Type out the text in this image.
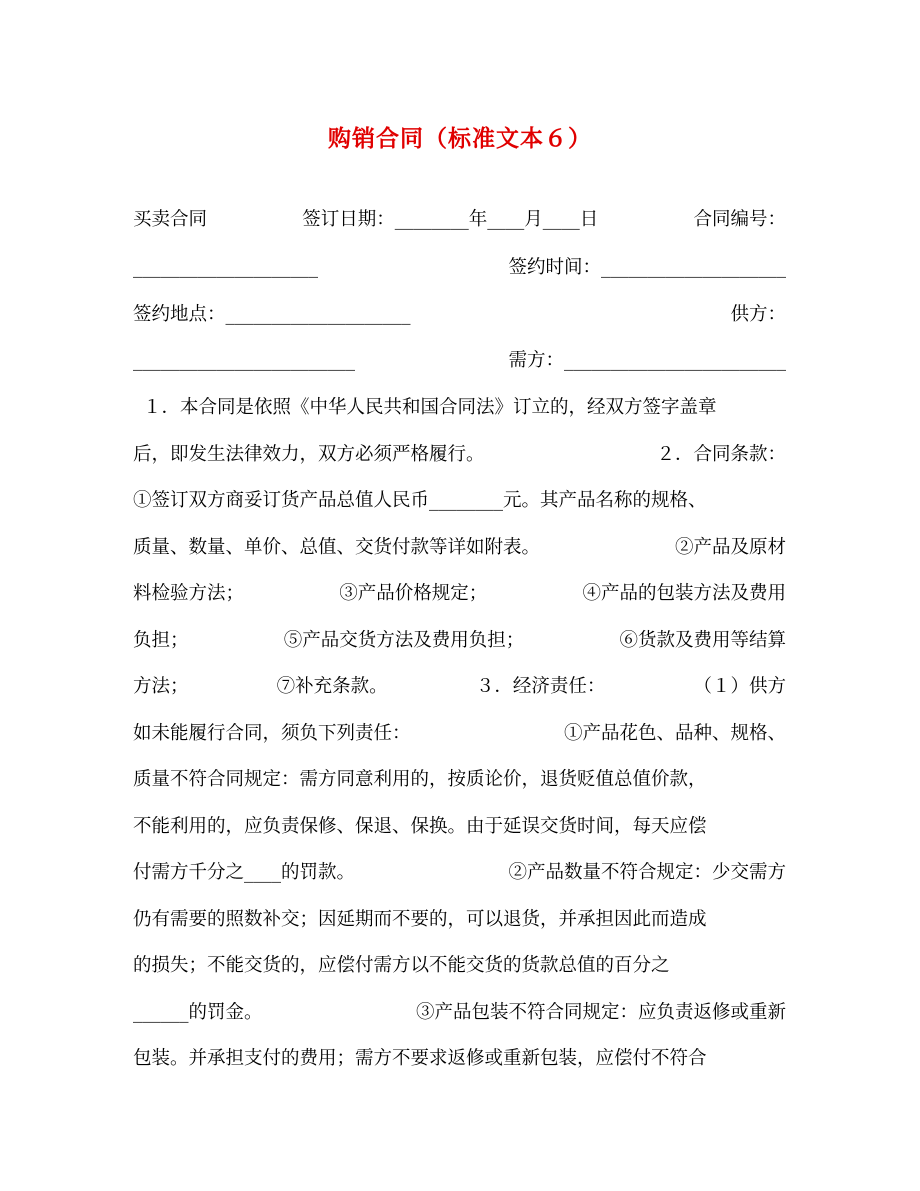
购销合同（标准文本６）
买卖合同	签订日期：________年____月____日	合同编号：
____________________	签约时间：____________________
签约地点：____________________	供方：
________________________	需方：________________________
１．本合同是依照《中华人民共和国合同法》订立的，经双方签字盖章
后，即发生法律效力，双方必须严格履行。	２．合同条款：
①签订双方商妥订货产品总值人民币________元。其产品名称的规格、
质量、数量、单价、总值、交货付款等详如附表。	②产品及原材
料检验方法；	③产品价格规定；	④产品的包装方法及费用
负担；	⑤产品交货方法及费用负担；	⑥货款及费用等结算
方法；	⑦补充条款。	３．经济责任：	（１）供方
如未能履行合同，须负下列责任：	①产品花色、品种、规格、
质量不符合同规定：需方同意利用的，按质论价，退货贬值总值价款，
不能利用的，应负责保修、保退、保换。由于延误交货时间，每天应偿
付需方千分之____的罚款。	②产品数量不符合规定：少交需方
仍有需要的照数补交；因延期而不要的，可以退货，并承担因此而造成
的损失；不能交货的，应偿付需方以不能交货的货款总值的百分之
______的罚金。	③产品包装不符合同规定：应负责返修或重新
包装。并承担支付的费用；需方不要求返修或重新包装，应偿付不符合
